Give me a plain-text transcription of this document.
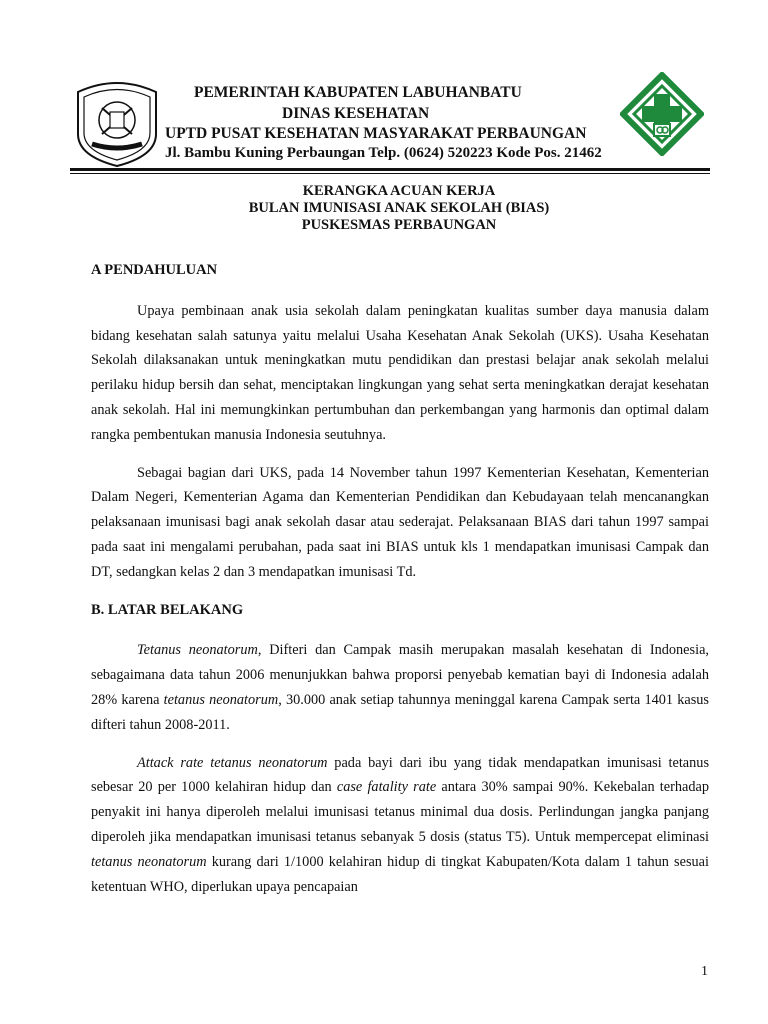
PEMERINTAH KABUPATEN LABUHANBATU
DINAS KESEHATAN
UPTD PUSAT KESEHATAN MASYARAKAT PERBAUNGAN
Jl. Bambu Kuning Perbaungan Telp. (0624) 520223 Kode Pos. 21462
KERANGKA ACUAN KERJA
BULAN IMUNISASI ANAK SEKOLAH (BIAS)
PUSKESMAS PERBAUNGAN
A PENDAHULUAN

Upaya pembinaan anak usia sekolah dalam peningkatan kualitas sumber daya manusia dalam bidang kesehatan salah satunya yaitu melalui Usaha Kesehatan Anak Sekolah (UKS). Usaha Kesehatan Sekolah dilaksanakan untuk meningkatkan mutu pendidikan dan prestasi belajar anak sekolah melalui perilaku hidup bersih dan sehat, menciptakan lingkungan yang sehat serta meningkatkan derajat kesehatan anak sekolah. Hal ini memungkinkan pertumbuhan dan perkembangan yang harmonis dan optimal dalam rangka pembentukan manusia Indonesia seutuhnya.

Sebagai bagian dari UKS, pada 14 November tahun 1997 Kementerian Kesehatan, Kementerian Dalam Negeri, Kementerian Agama dan Kementerian Pendidikan dan Kebudayaan telah mencanangkan pelaksanaan imunisasi bagi anak sekolah dasar atau sederajat. Pelaksanaan BIAS dari tahun 1997 sampai pada saat ini mengalami perubahan, pada saat ini BIAS untuk kls 1 mendapatkan imunisasi Campak dan DT, sedangkan kelas 2 dan 3 mendapatkan imunisasi Td.

B. LATAR BELAKANG

Tetanus neonatorum, Difteri dan Campak masih merupakan masalah kesehatan di Indonesia, sebagaimana data tahun 2006 menunjukkan bahwa proporsi penyebab kematian bayi di Indonesia adalah 28% karena tetanus neonatorum, 30.000 anak setiap tahunnya meninggal karena Campak serta 1401 kasus difteri tahun 2008-2011.

Attack rate tetanus neonatorum pada bayi dari ibu yang tidak mendapatkan imunisasi tetanus sebesar 20 per 1000 kelahiran hidup dan case fatality rate antara 30% sampai 90%. Kekebalan terhadap penyakit ini hanya diperoleh melalui imunisasi tetanus minimal dua dosis. Perlindungan jangka panjang diperoleh jika mendapatkan imunisasi tetanus sebanyak 5 dosis (status T5). Untuk mempercepat eliminasi tetanus neonatorum kurang dari 1/1000 kelahiran hidup di tingkat Kabupaten/Kota dalam 1 tahun sesuai ketentuan WHO, diperlukan upaya pencapaian

1
